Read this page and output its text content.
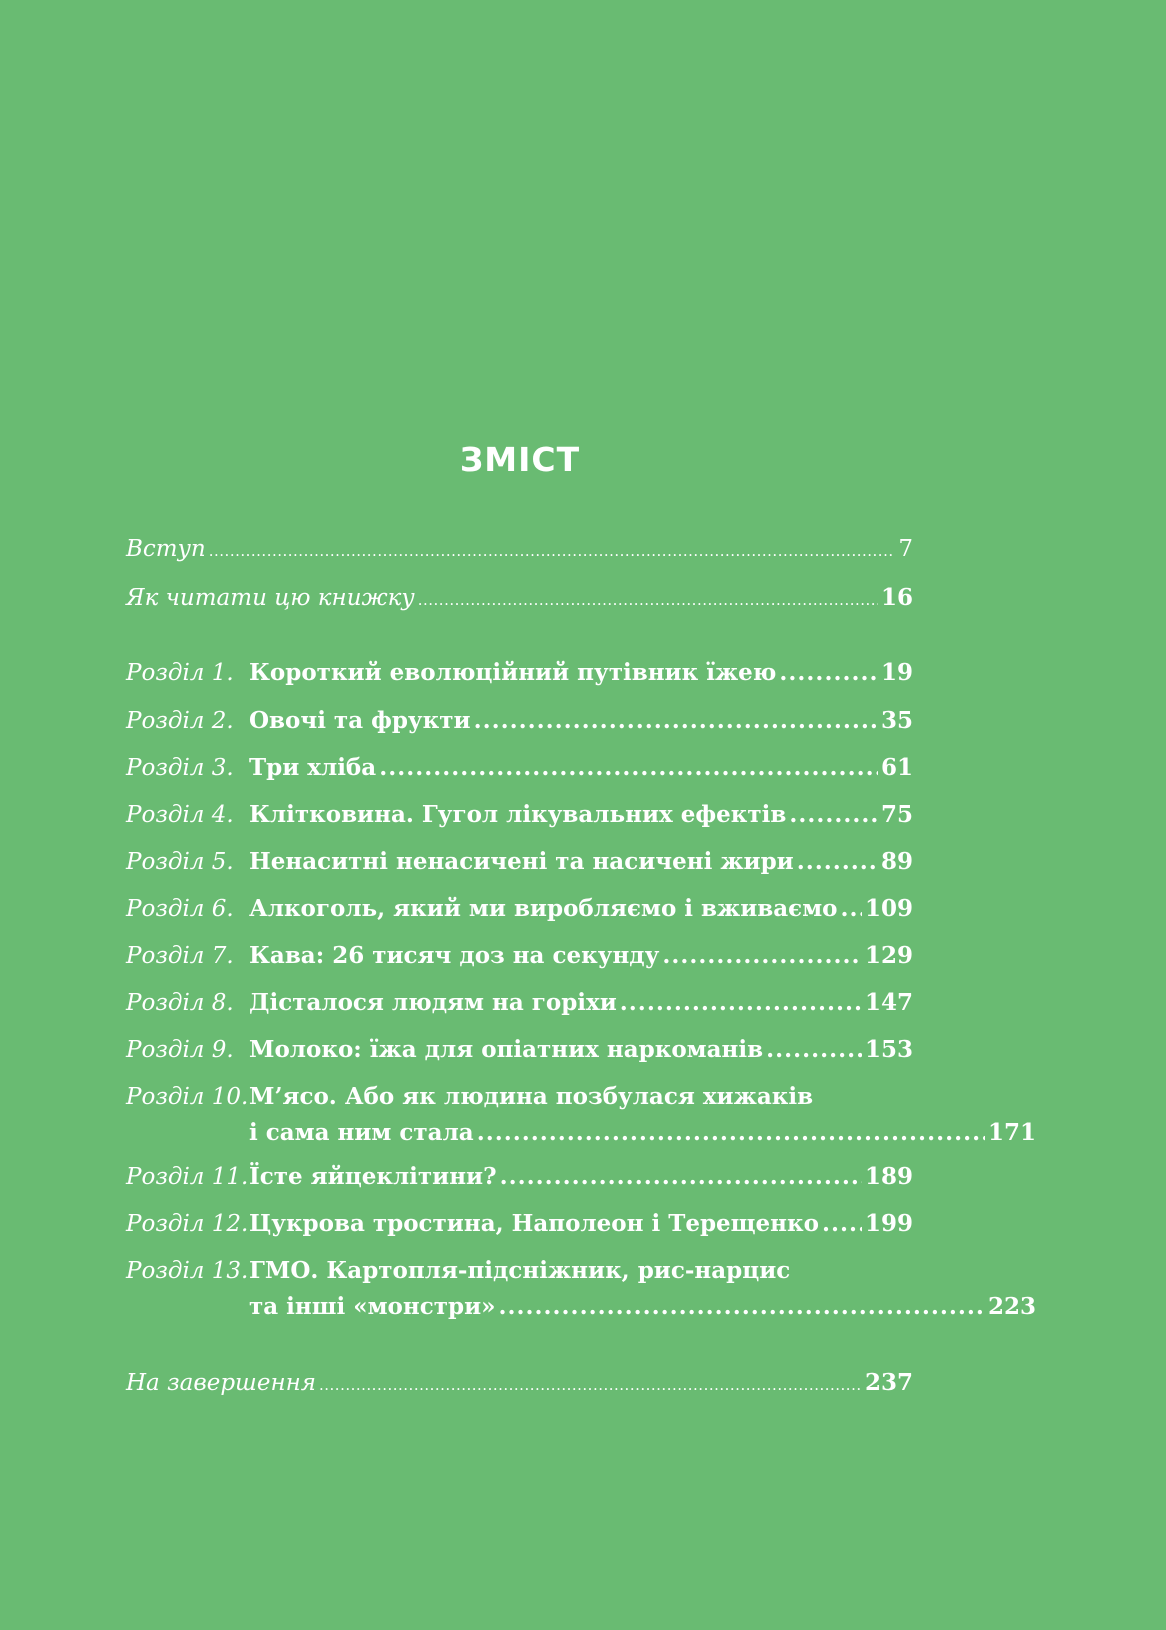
ЗМІСТ
Вступ .....	7
Як читати цю книжку .....	16
Розділ 1. Короткий еволюційний путівник їжею .....	19
Розділ 2. Овочі та фрукти .....	35
Розділ 3. Три хліба .....	61
Розділ 4. Клітковина. Гугол лікувальних ефектів .....	75
Розділ 5. Ненаситні ненасичені та насичені жири .....	89
Розділ 6. Алкоголь, який ми виробляємо і вживаємо ..... 109
Розділ 7. Кава: 26 тисяч доз на секунду .....	129
Розділ 8. Дісталося людям на горіхи .....	147
Розділ 9. Молоко: їжа для опіатних наркоманів .....	153
Розділ 10. М’ясо. Або як людина позбулася хижаків
і сама ним стала .....	171
Розділ 11. Їсте яйцеклітини? .....	189
Розділ 12. Цукрова тростина, Наполеон і Терещенко ..... 199
Розділ 13. ГМО. Картопля-підсніжник, рис-нарцис
та інші «монстри» .....	223
На завершення .....	237
